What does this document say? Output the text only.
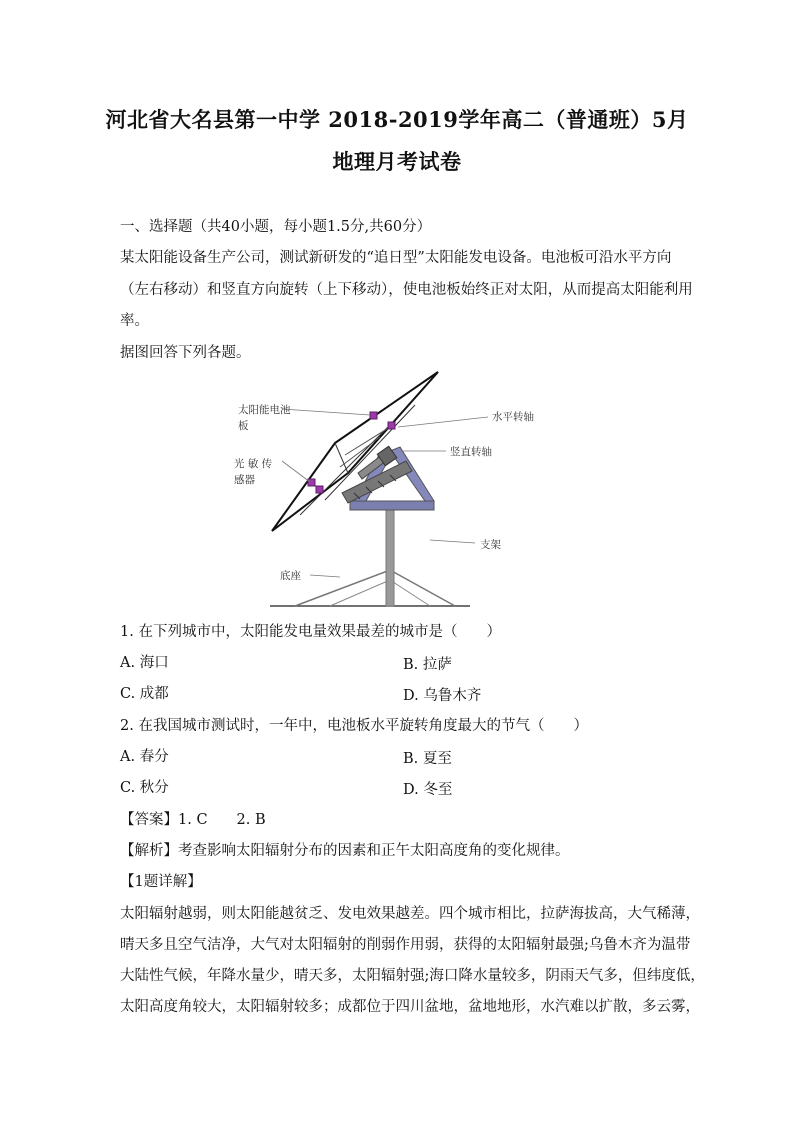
河北省大名县第一中学 2018-2019学年高二（普通班）5月
地理月考试卷
一、选择题（共40小题，每小题1.5分,共60分）
某太阳能设备生产公司，测试新研发的“追日型”太阳能发电设备。电池板可沿水平方向
（左右移动）和竖直方向旋转（上下移动），使电池板始终正对太阳，从而提高太阳能利用
率。
据图回答下列各题。
太阳能电池
板
光 敏 传
感器
水平转轴
竖直转轴
支架
底座
1. 在下列城市中，太阳能发电量效果最差的城市是（　　）
A. 海口	B. 拉萨
C. 成都	D. 乌鲁木齐
2. 在我国城市测试时，一年中，电池板水平旋转角度最大的节气（　　）
A. 春分	B. 夏至
C. 秋分	D. 冬至
【答案】1. C　　2. B
【解析】考查影响太阳辐射分布的因素和正午太阳高度角的变化规律。
【1题详解】
太阳辐射越弱，则太阳能越贫乏、发电效果越差。四个城市相比，拉萨海拔高，大气稀薄，
晴天多且空气洁净，大气对太阳辐射的削弱作用弱，获得的太阳辐射最强;乌鲁木齐为温带
大陆性气候，年降水量少，晴天多，太阳辐射强;海口降水量较多，阴雨天气多，但纬度低，
太阳高度角较大，太阳辐射较多；成都位于四川盆地，盆地地形，水汽难以扩散，多云雾，
